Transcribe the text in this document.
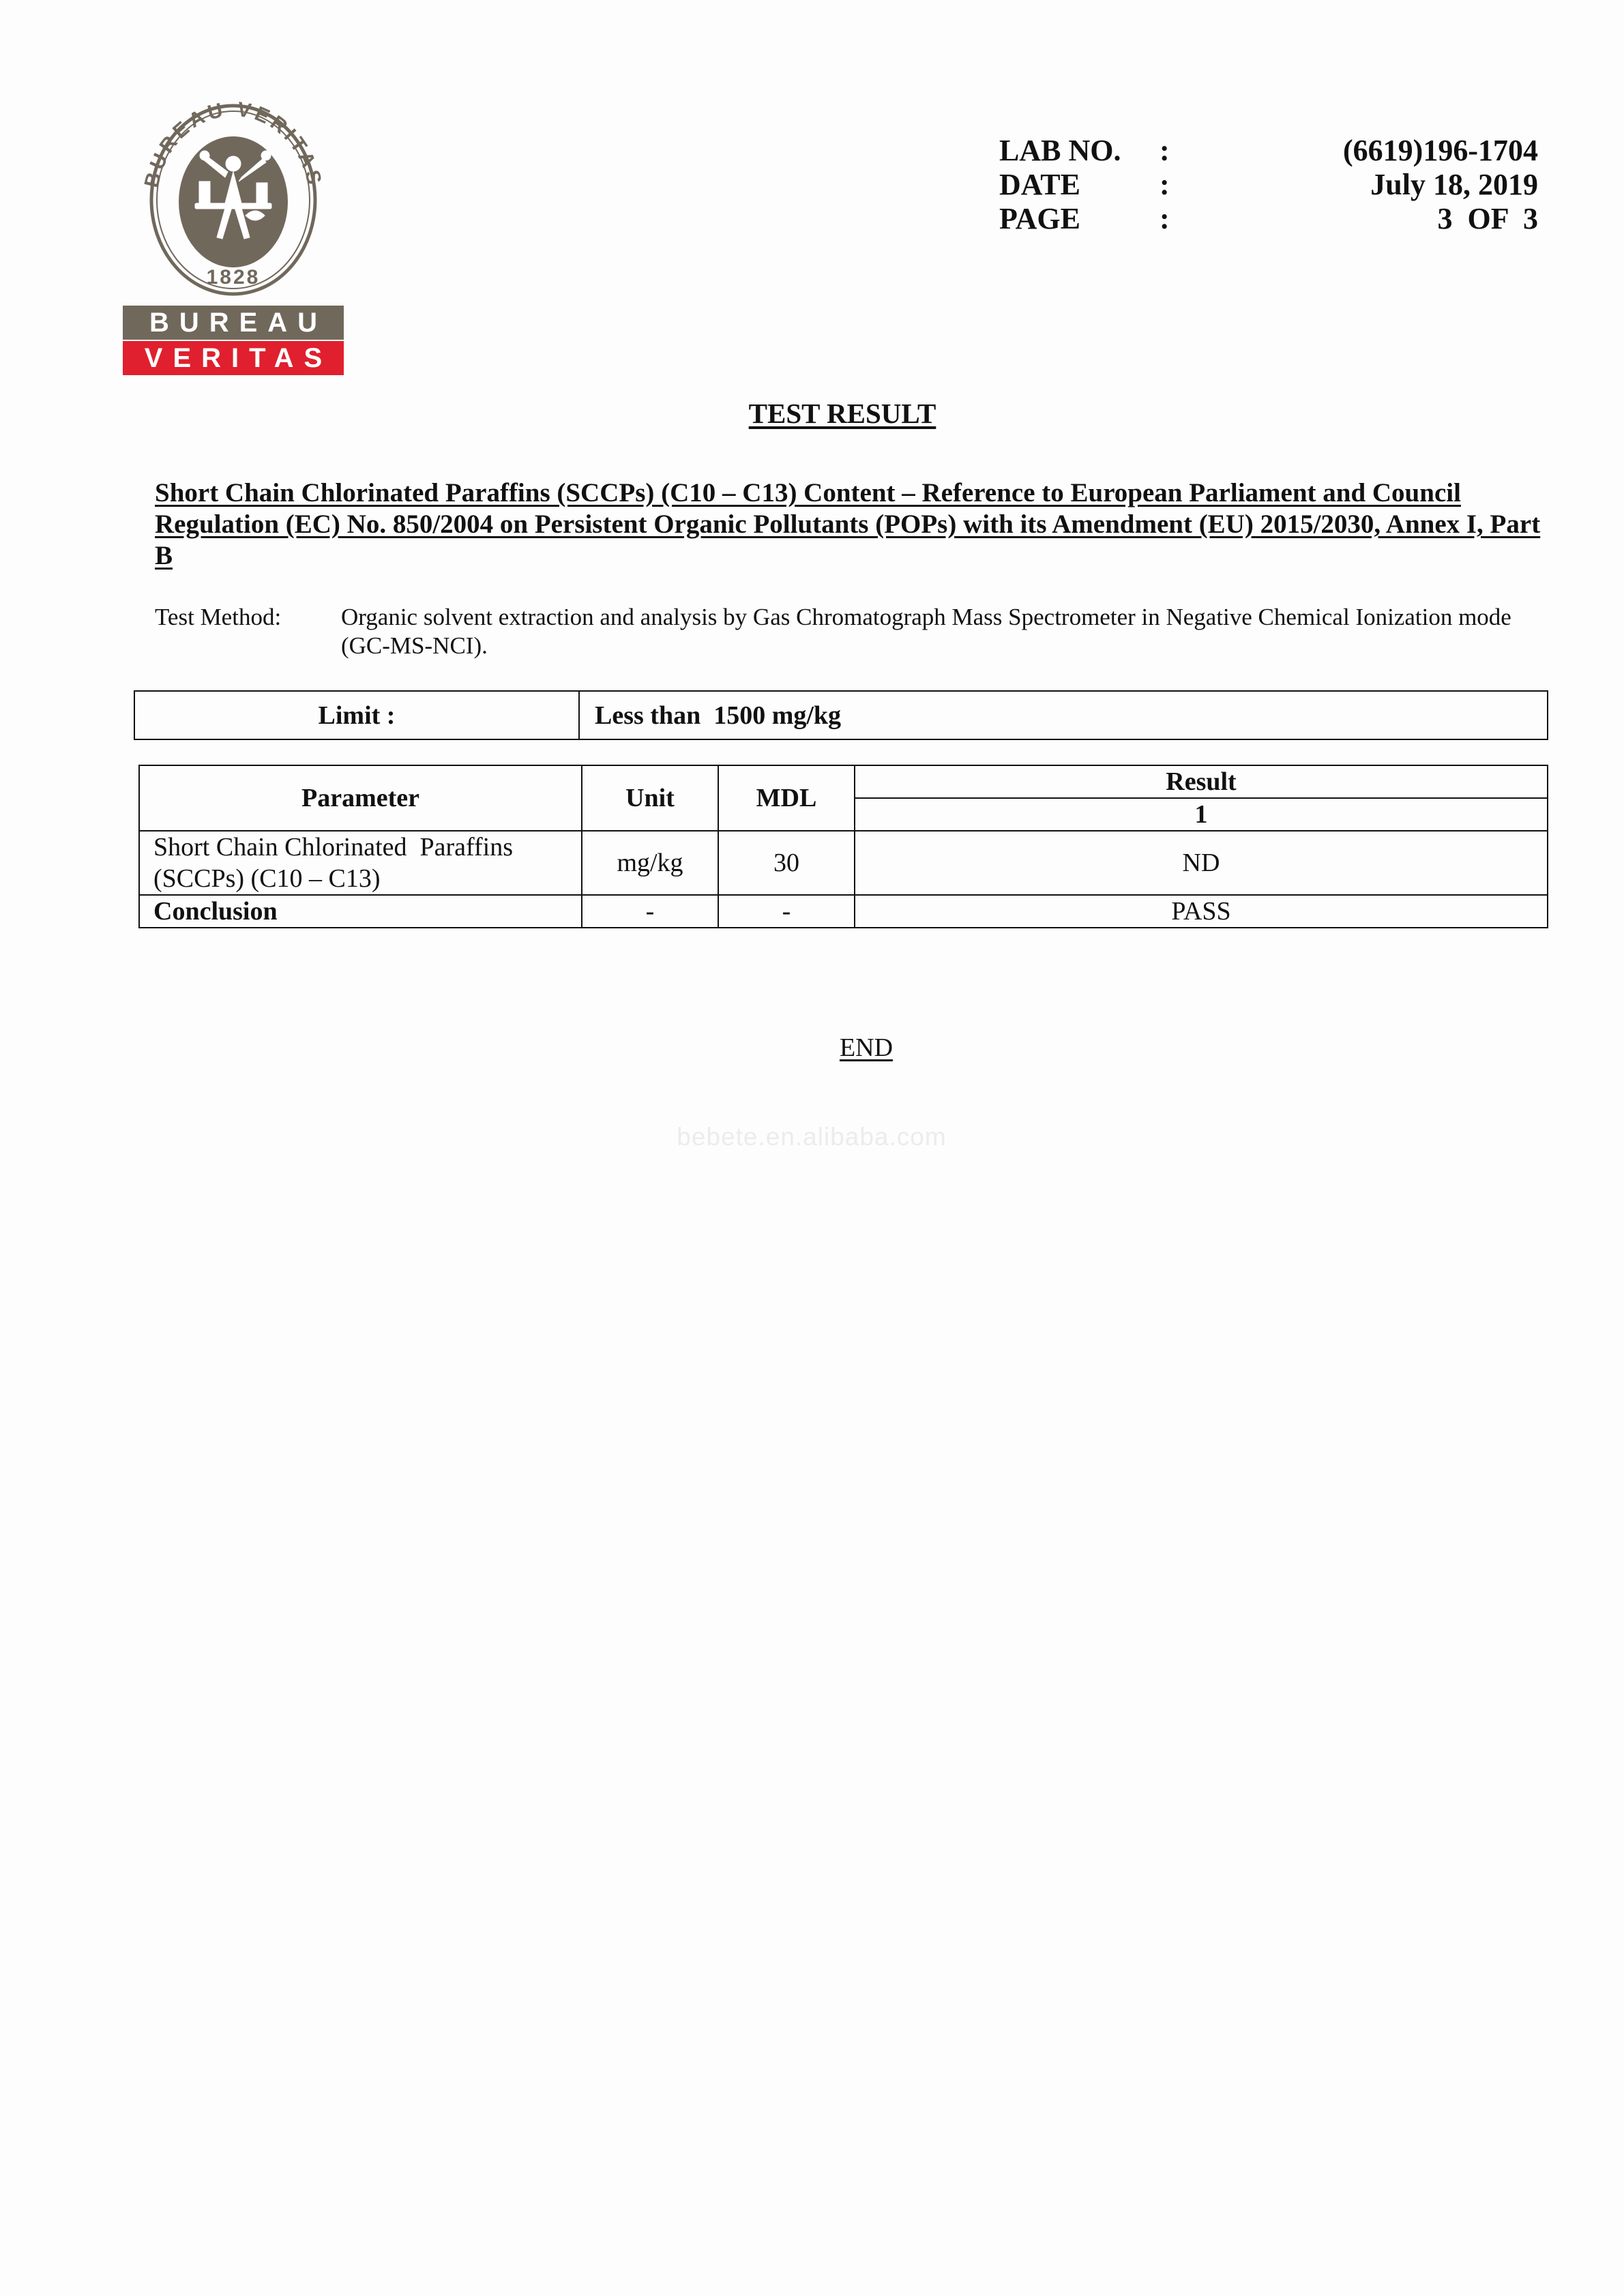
BUREAU VERITAS
1828
BUREAU
VERITAS
LAB NO. :	(6619)196-1704
DATE	:	July 18, 2019
PAGE	:	3  OF  3
TEST RESULT
Short Chain Chlorinated Paraffins (SCCPs) (C10 – C13) Content – Reference to European Parliament and Council Regulation (EC) No. 850/2004 on Persistent Organic Pollutants (POPs) with its Amendment (EU) 2015/2030, Annex I, Part B
Test Method:	Organic solvent extraction and analysis by Gas Chromatograph Mass Spectrometer in Negative Chemical Ionization mode (GC-MS-NCI).
Limit :	Less than  1500 mg/kg
Parameter	Unit	MDL	Result
			1
Short Chain Chlorinated  Paraffins
(SCCPs) (C10 – C13)	mg/kg	30	ND
Conclusion	-	-	PASS
END
bebete.en.alibaba.com
